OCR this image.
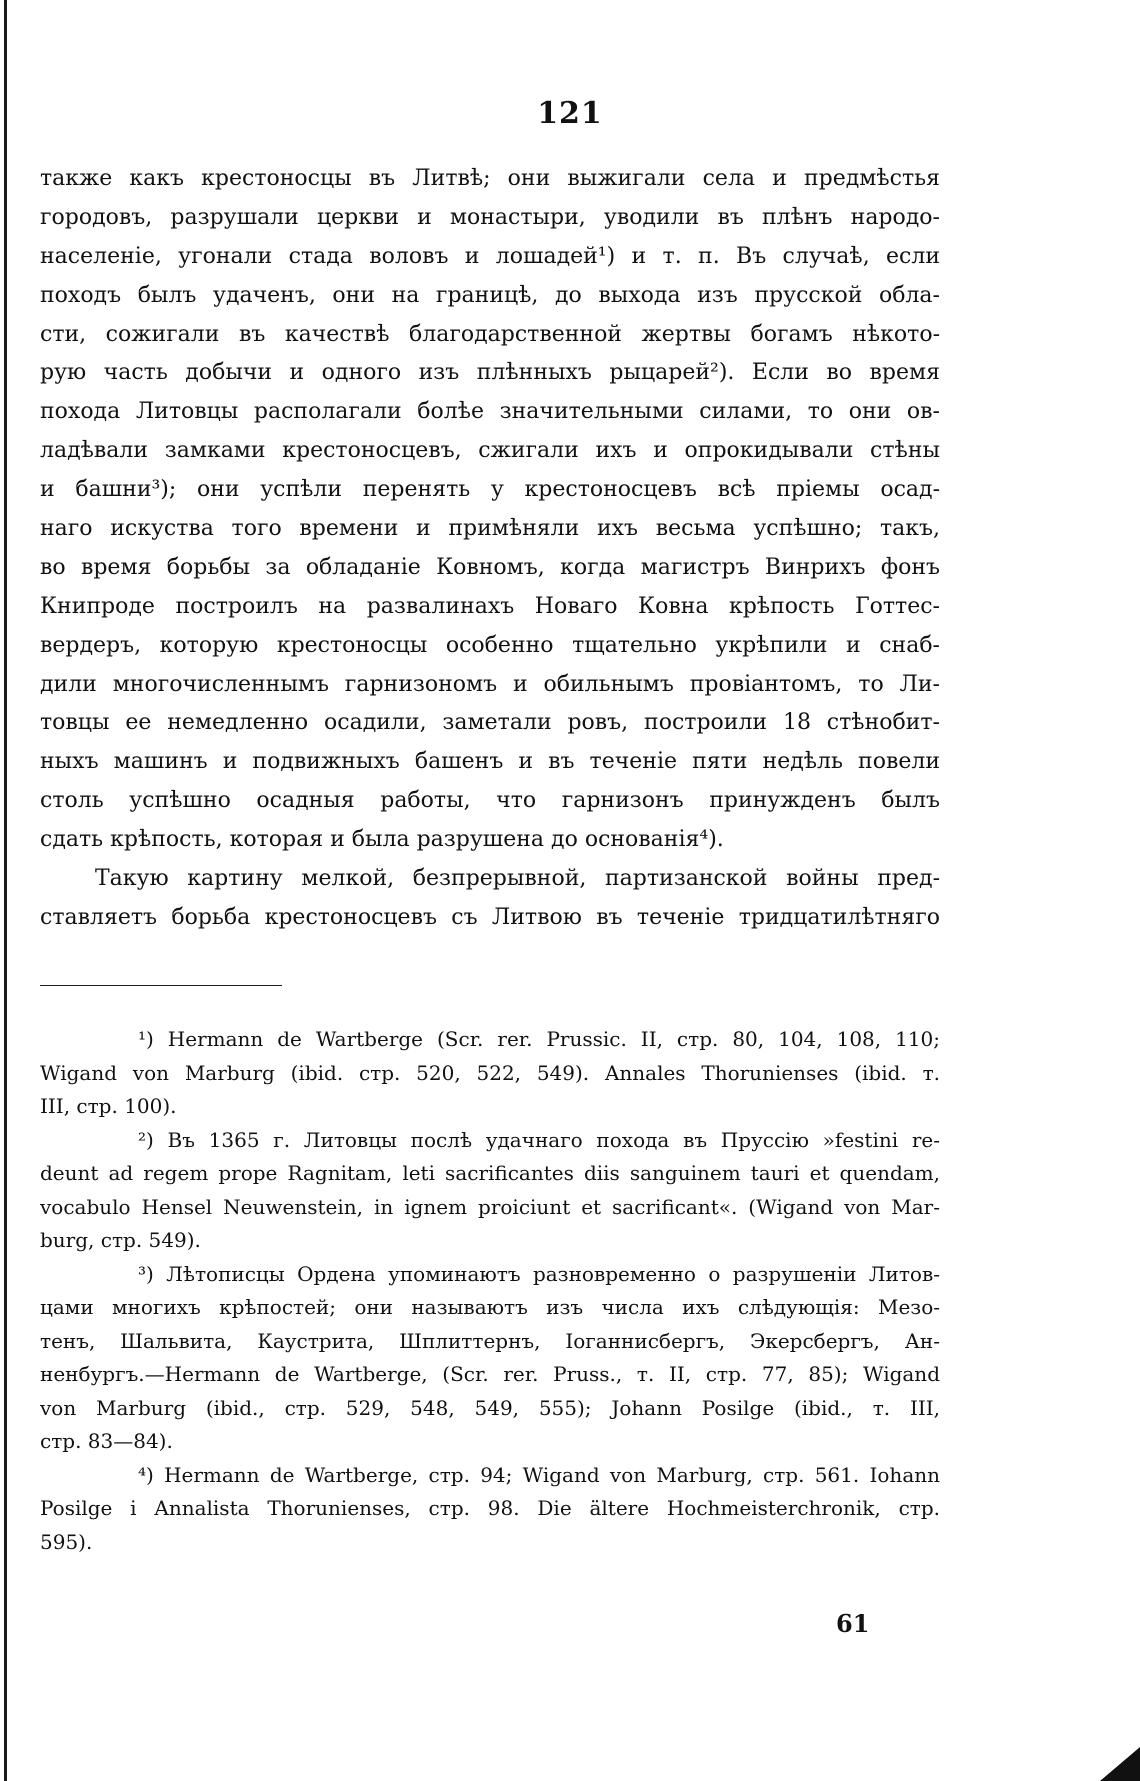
121
также какъ крестоносцы въ Литвѣ; они выжигали села и предмѣстья
городовъ, разрушали церкви и монастыри, уводили въ плѣнъ народо-
населеніе, угонали стада воловъ и лошадей¹) и т. п. Въ случаѣ, если
походъ былъ удаченъ, они на границѣ, до выхода изъ прусской обла-
сти, сожигали въ качествѣ благодарственной жертвы богамъ нѣкото-
рую часть добычи и одного изъ плѣнныхъ рыцарей²). Если во время
похода Литовцы располагали болѣе значительными силами, то они ов-
ладѣвали замками крестоносцевъ, сжигали ихъ и опрокидывали стѣны
и башни³); они успѣли перенять у крестоносцевъ всѣ пріемы осад-
наго искуства того времени и примѣняли ихъ весьма успѣшно; такъ,
во время борьбы за обладаніе Ковномъ, когда магистръ Винрихъ фонъ
Книпроде построилъ на развалинахъ Новаго Ковна крѣпость Готтес-
вердеръ, которую крестоносцы особенно тщательно укрѣпили и снаб-
дили многочисленнымъ гарнизономъ и обильнымъ провіантомъ, то Ли-
товцы ее немедленно осадили, заметали ровъ, построили 18 стѣнобит-
ныхъ машинъ и подвижныхъ башенъ и въ теченіе пяти недѣль повели
столь успѣшно осадныя работы, что гарнизонъ принужденъ былъ
сдать крѣпость, которая и была разрушена до основанія⁴).
Такую картину мелкой, безпрерывной, партизанской войны пред-
ставляетъ борьба крестоносцевъ съ Литвою въ теченіе тридцатилѣтняго
¹) Hermann de Wartberge (Scr. rer. Prussic. II, стр. 80, 104, 108, 110;
Wigand von Marburg (ibid. стр. 520, 522, 549). Annales Thorunienses (ibid. т.
III, стр. 100).
²) Въ 1365 г. Литовцы послѣ удачнаго похода въ Пруссію »festini re-
deunt ad regem prope Ragnitam, leti sacrificantes diis sanguinem tauri et quendam,
vocabulo Hensel Neuwenstein, in ignem proiciunt et sacrificant«. (Wigand von Mar-
burg, стр. 549).
³) Лѣтописцы Ордена упоминаютъ разновременно о разрушеніи Литов-
цами многихъ крѣпостей; они называютъ изъ числа ихъ слѣдующія: Мезо-
тенъ, Шальвита, Каустрита, Шплиттернъ, Іоганнисбергъ, Экерсбергъ, Ан-
ненбургъ.—Hermann de Wartberge, (Scr. rer. Pruss., т. II, стр. 77, 85); Wigand
von Marburg (ibid., стр. 529, 548, 549, 555); Johann Posilge (ibid., т. III,
стр. 83—84).
⁴) Hermann de Wartberge, стр. 94; Wigand von Marburg, стр. 561. Iohann
Posilge i Annalista Thorunienses, стр. 98. Die ältere Hochmeisterchronik, стр.
595).
61
